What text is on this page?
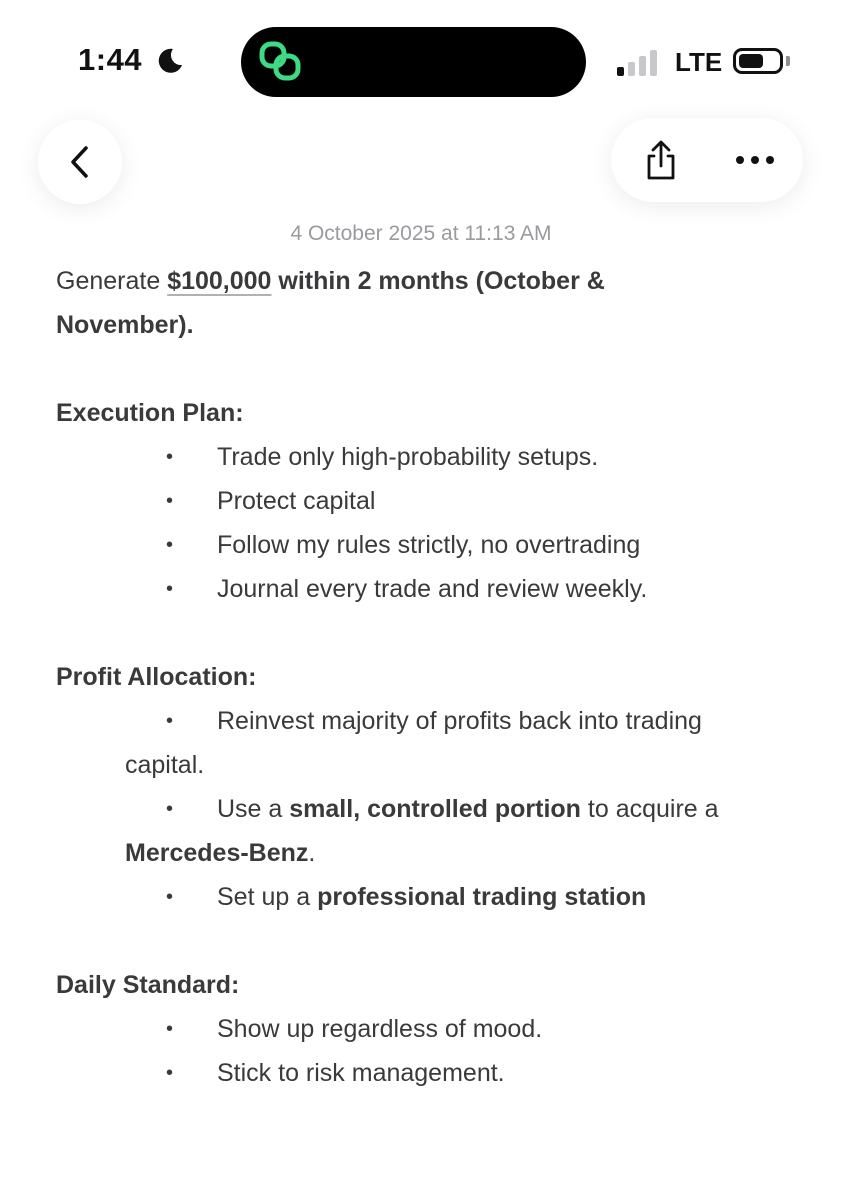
1:44	LTE
4 October 2025 at 11:13 AM
Generate $100,000 within 2 months (October &
November).
Execution Plan:
• Trade only high-probability setups.
• Protect capital
• Follow my rules strictly, no overtrading
• Journal every trade and review weekly.
Profit Allocation:
• Reinvest majority of profits back into trading
capital.
• Use a small, controlled portion to acquire a
Mercedes-Benz.
• Set up a professional trading station
Daily Standard:
• Show up regardless of mood.
• Stick to risk management.
